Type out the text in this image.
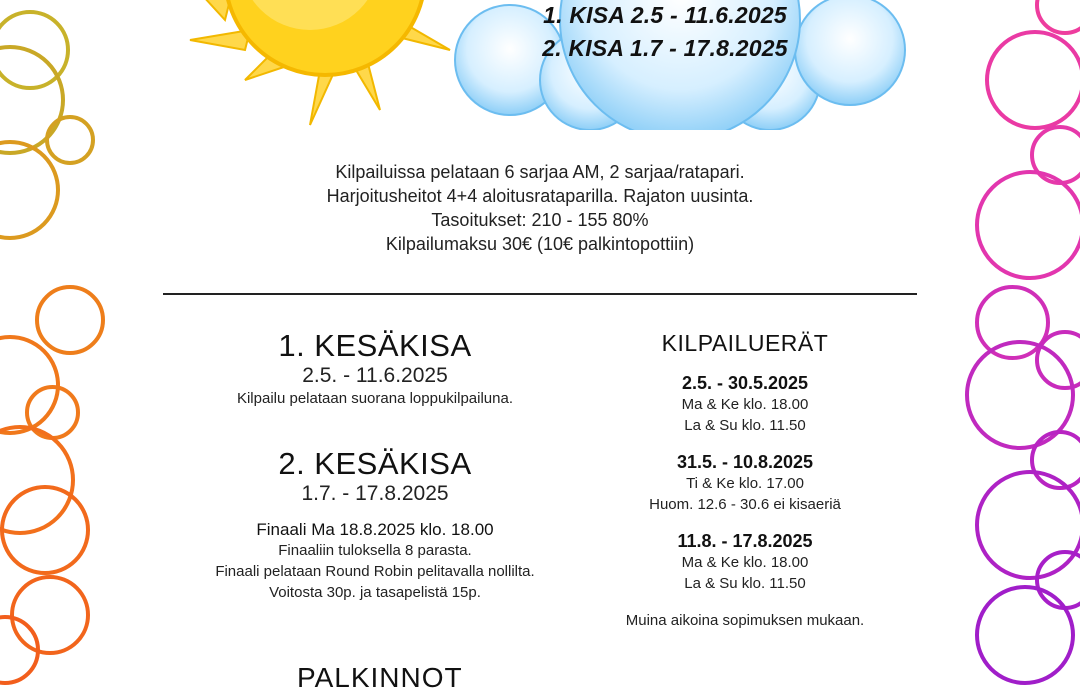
1. KISA 2.5 - 11.6.2025
2. KISA 1.7 - 17.8.2025
Kilpailuissa pelataan 6 sarjaa AM, 2 sarjaa/ratapari.
Harjoitusheitot 4+4 aloitusrataparilla. Rajaton uusinta.
Tasoitukset: 210 - 155 80%
Kilpailumaksu 30€ (10€ palkintopottiin)
1. KESÄKISA
2.5. - 11.6.2025
Kilpailu pelataan suorana loppukilpailuna.
2. KESÄKISA
1.7. - 17.8.2025
Finaali Ma 18.8.2025 klo. 18.00
Finaaliin tuloksella 8 parasta.
Finaali pelataan Round Robin pelitavalla nollilta.
Voitosta 30p. ja tasapelistä 15p.
KILPAILUERÄT
2.5. - 30.5.2025
Ma & Ke klo. 18.00
La & Su klo. 11.50
31.5. - 10.8.2025
Ti & Ke klo. 17.00
Huom. 12.6 - 30.6 ei kisaeriä
11.8. - 17.8.2025
Ma & Ke klo. 18.00
La & Su klo. 11.50
Muina aikoina sopimuksen mukaan.
PALKINNOT
